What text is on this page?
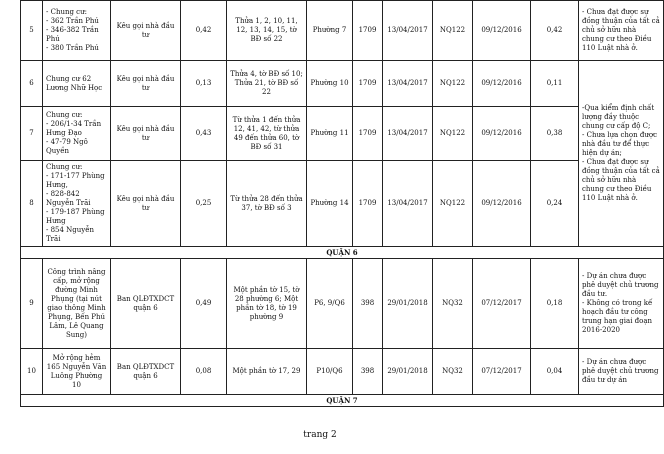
5	- Chung cư:
- 362 Trần Phú
- 346-382 Trần Phú
- 380 Trần Phú	Kêu gọi nhà đầu tư	0,42	Thửa 1, 2, 10, 11, 12, 13, 14, 15, tờ BĐ số 22	Phường 7	1709	13/04/2017	NQ122	09/12/2016	0,42	- Chưa đạt được sự đồng thuận của tất cả chủ sở hữu nhà chung cư theo Điều 110 Luật nhà ở.
6	Chung cư 62 Lương Nhữ Học	Kêu gọi nhà đầu tư	0,13	Thửa 4, tờ BĐ số 10;
Thửa 21, tờ BĐ số 22	Phường 10	1709	13/04/2017	NQ122	09/12/2016	0,11	-Qua kiểm định chất lượng đầy thuộc chung cư cấp độ C;
- Chưa lựa chọn được nhà đầu tư để thực hiện dự án;
- Chưa đạt được sự đồng thuận của tất cả chủ sở hữu nhà chung cư theo Điều 110 Luật nhà ở.
7	Chung cư:
- 206/1-34 Trần Hưng Đạo
- 47-79 Ngô Quyền	Kêu gọi nhà đầu tư	0,43	Từ thửa 1 đến thửa 12, 41, 42, từ thửa 49 đến thửa 60, tờ BĐ số 31	Phường 11	1709	13/04/2017	NQ122	09/12/2016	0,38	
8	Chung cư:
- 171-177 Phùng Hưng,
- 828-842 Nguyễn Trãi
- 179-187 Phùng Hưng
- 854 Nguyễn Trãi	Kêu gọi nhà đầu tư	0,25	Từ thửa 28 đến thửa 37, tờ BĐ số 3	Phường 14	1709	13/04/2017	NQ122	09/12/2016	0,24	
QUẬN 6											
9	Công trình nâng cấp, mở rộng đường Minh Phụng (tại nút giao thông Minh Phụng, Bến Phú Lâm, Lê Quang Sung)	Ban QLĐTXDCT quận 6	0,49	Một phần tờ 15, tờ 28 phường 6; Một phần tờ 18, tờ 19 phường 9	P6, 9/Q6	398	29/01/2018	NQ32	07/12/2017	0,18	- Dự án chưa được phê duyệt chủ trương đầu tư.
- Không có trong kế hoạch đầu tư công trung hạn giai đoạn 2016-2020
10	Mở rộng hẻm 165 Nguyễn Văn Luông Phường 10	Ban QLĐTXDCT quận 6	0,08	Một phần tờ 17, 29	P10/Q6	398	29/01/2018	NQ32	07/12/2017	0,04	- Dự án chưa được phê duyệt chủ trương đầu tư dự án
QUẬN 7											
trang 2
